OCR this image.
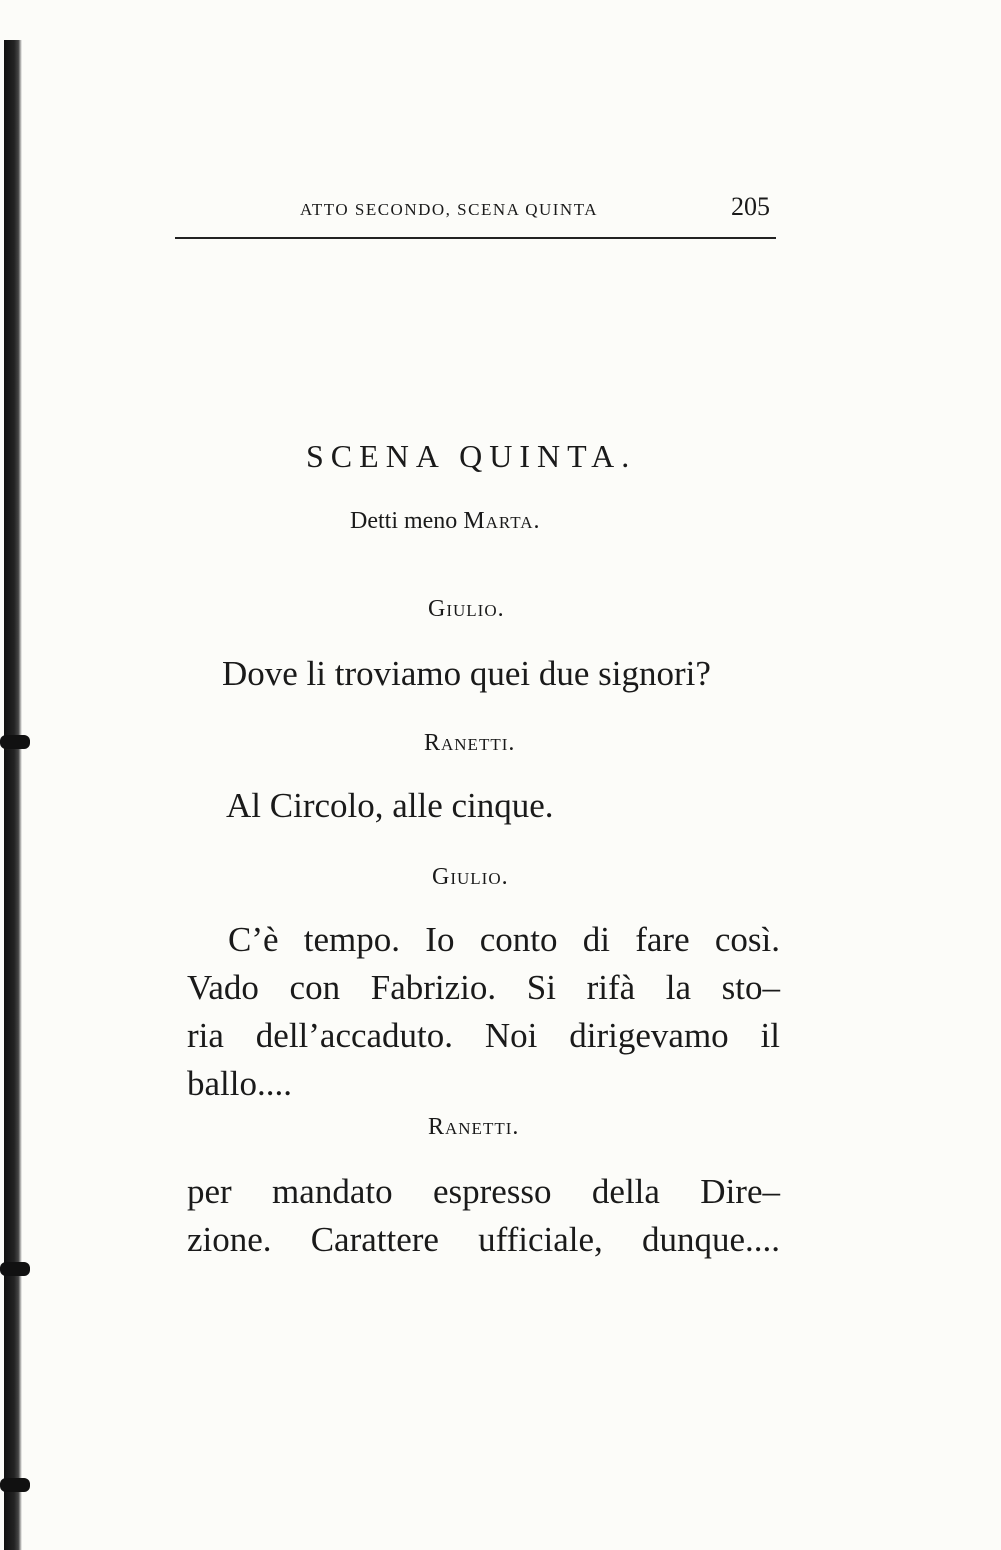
ATTO SECONDO, SCENA QUINTA	205
SCENA QUINTA.
Detti meno Marta.
Giulio.
Dove li troviamo quei due signori?
Ranetti.
Al Circolo, alle cinque.
Giulio.
C’è tempo. Io conto di fare così.
Vado con Fabrizio. Si rifà la sto–
ria dell’accaduto. Noi dirigevamo il
ballo....
Ranetti.
per mandato espresso della Dire–
zione. Carattere ufficiale, dunque....
